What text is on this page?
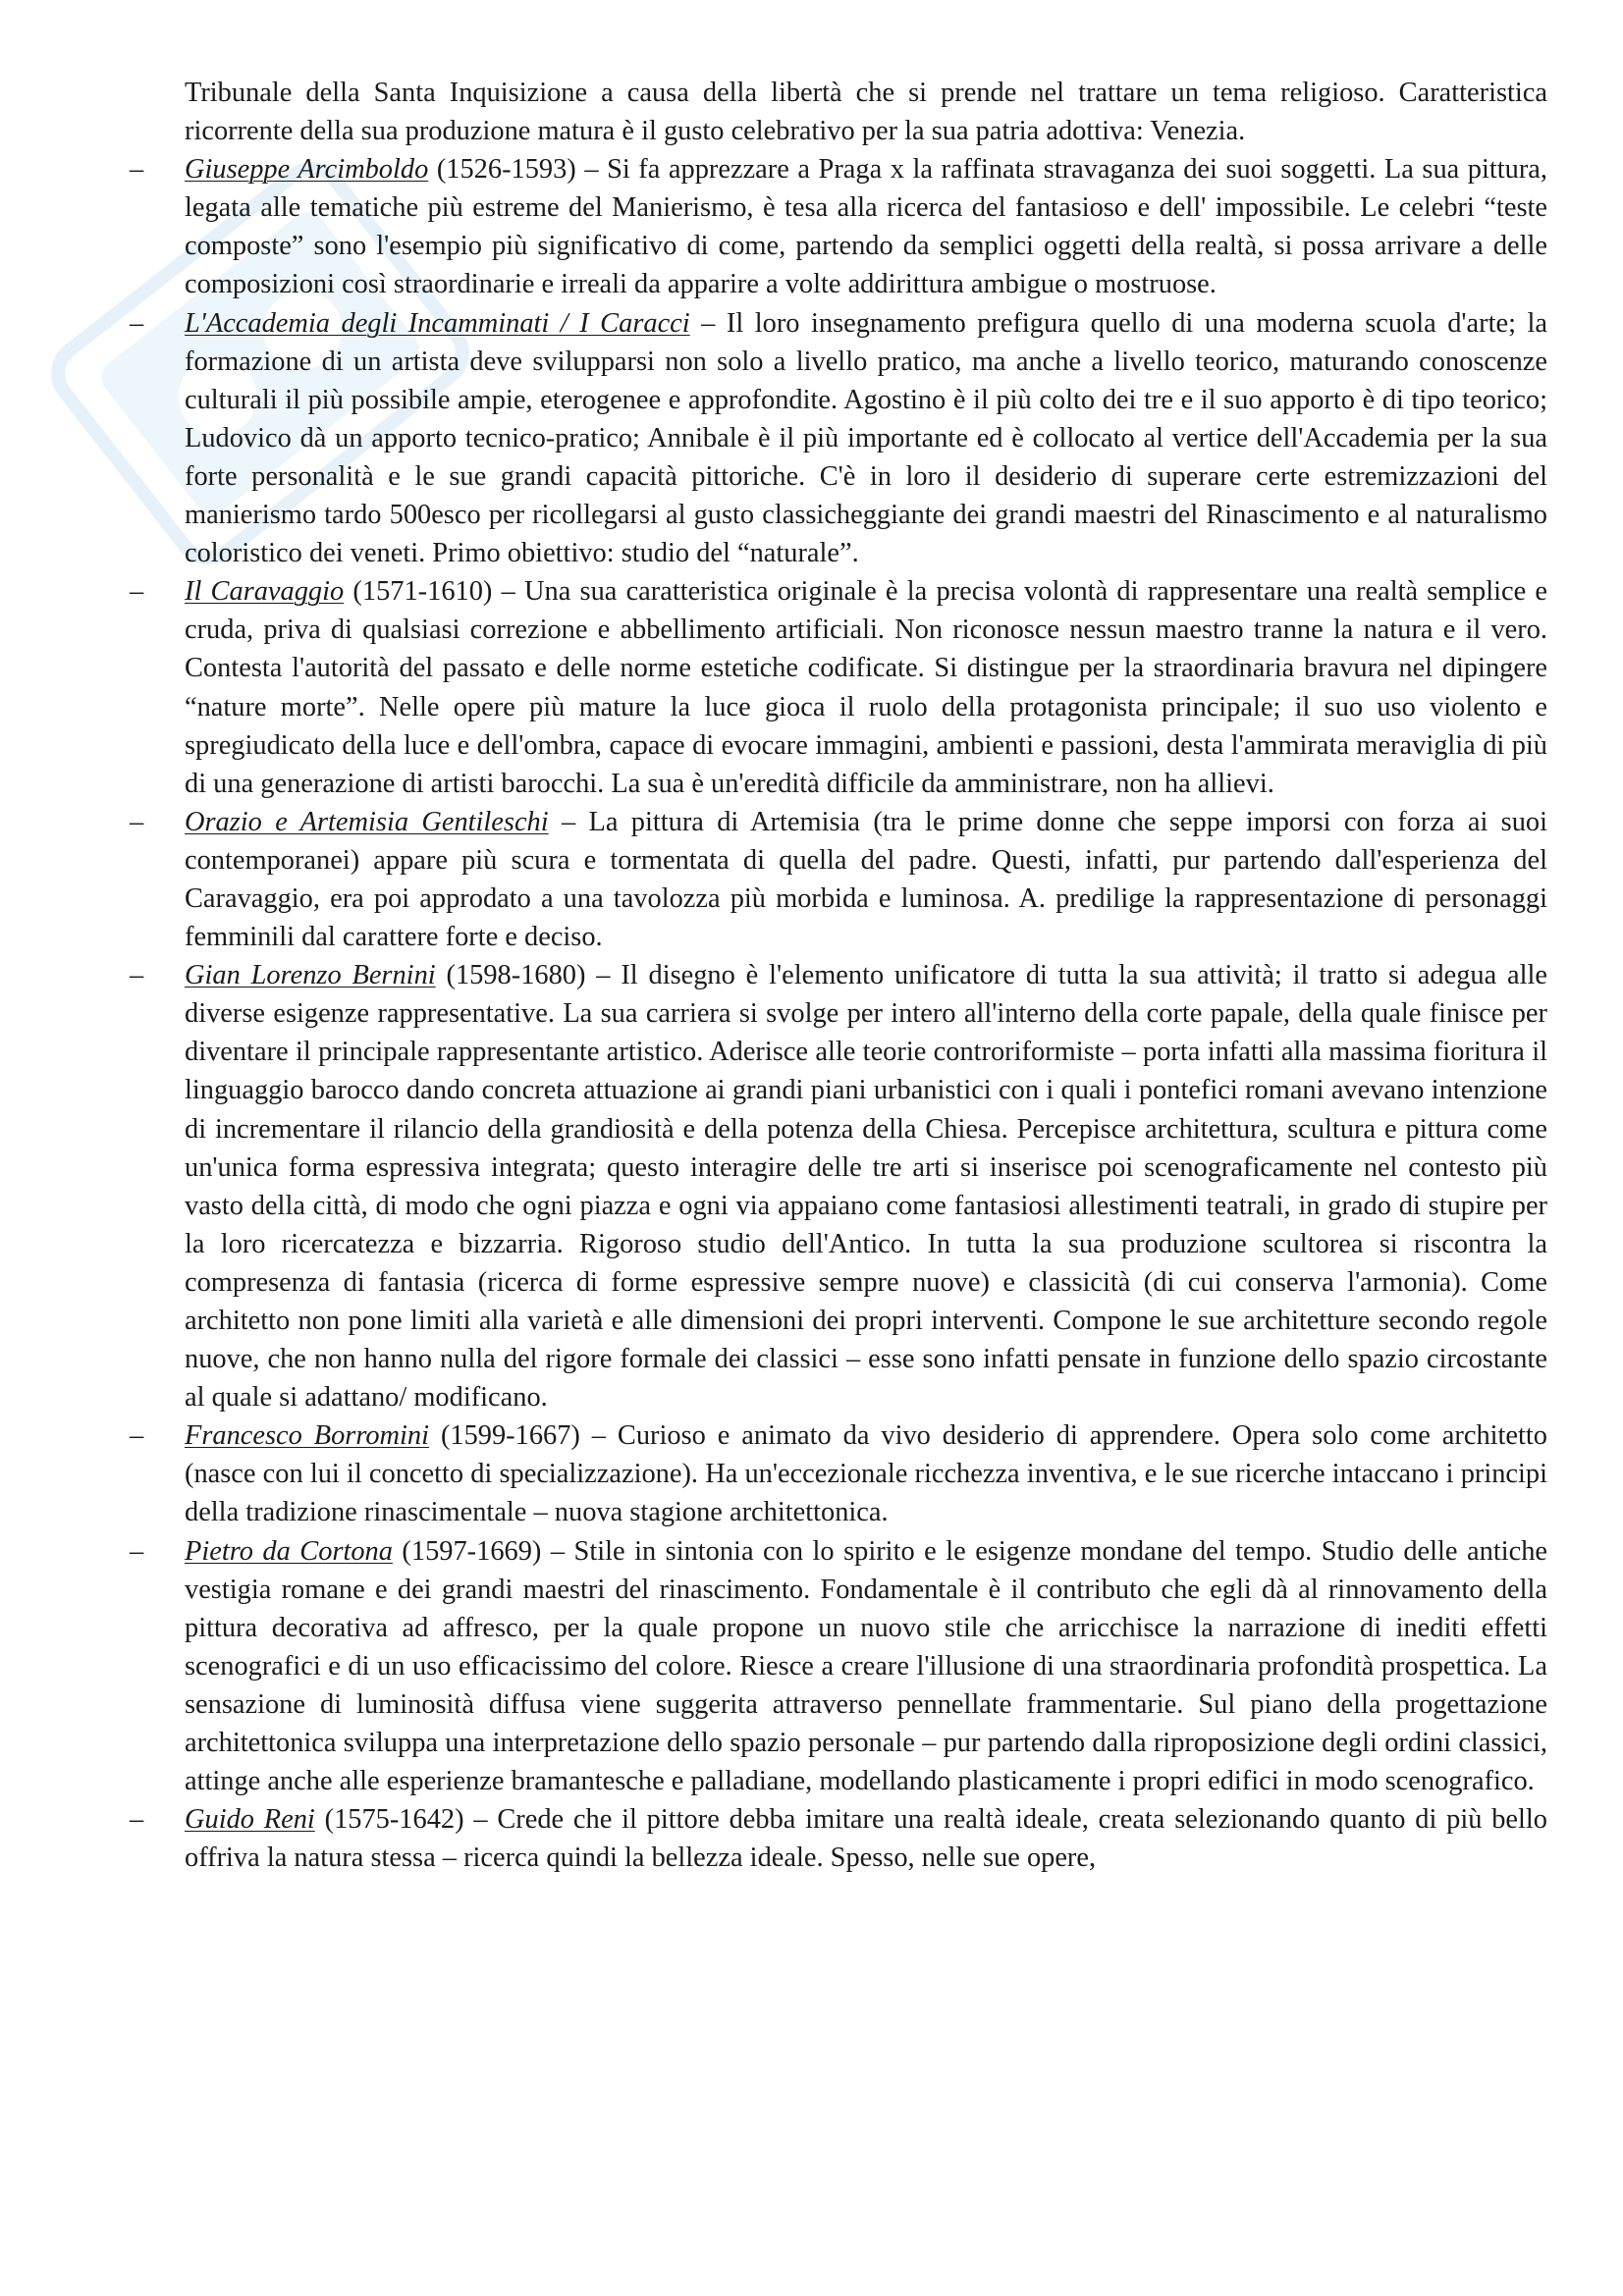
Tribunale della Santa Inquisizione a causa della libertà che si prende nel trattare un tema religioso. Caratteristica ricorrente della sua produzione matura è il gusto celebrativo per la sua patria adottiva: Venezia.

–	Giuseppe Arcimboldo (1526-1593) – Si fa apprezzare a Praga x la raffinata stravaganza dei suoi soggetti. La sua pittura, legata alle tematiche più estreme del Manierismo, è tesa alla ricerca del fantasioso e dell' impossibile. Le celebri “teste composte” sono l'esempio più significativo di come, partendo da semplici oggetti della realtà, si possa arrivare a delle composizioni così straordinarie e irreali da apparire a volte addirittura ambigue o mostruose.
–	L'Accademia degli Incamminati / I Caracci – Il loro insegnamento prefigura quello di una moderna scuola d'arte; la formazione di un artista deve svilupparsi non solo a livello pratico, ma anche a livello teorico, maturando conoscenze culturali il più possibile ampie, eterogenee e approfondite. Agostino è il più colto dei tre e il suo apporto è di tipo teorico; Ludovico dà un apporto tecnico-pratico; Annibale è il più importante ed è collocato al vertice dell'Accademia per la sua forte personalità e le sue grandi capacità pittoriche. C'è in loro il desiderio di superare certe estremizzazioni del manierismo tardo 500esco per ricollegarsi al gusto classicheggiante dei grandi maestri del Rinascimento e al naturalismo coloristico dei veneti. Primo obiettivo: studio del “naturale”.
–	Il Caravaggio (1571-1610) – Una sua caratteristica originale è la precisa volontà di rappresentare una realtà semplice e cruda, priva di qualsiasi correzione e abbellimento artificiali. Non riconosce nessun maestro tranne la natura e il vero. Contesta l'autorità del passato e delle norme estetiche codificate. Si distingue per la straordinaria bravura nel dipingere “nature morte”. Nelle opere più mature la luce gioca il ruolo della protagonista principale; il suo uso violento e spregiudicato della luce e dell'ombra, capace di evocare immagini, ambienti e passioni, desta l'ammirata meraviglia di più di una generazione di artisti barocchi. La sua è un'eredità difficile da amministrare, non ha allievi.
–	Orazio e Artemisia Gentileschi – La pittura di Artemisia (tra le prime donne che seppe imporsi con forza ai suoi contemporanei) appare più scura e tormentata di quella del padre. Questi, infatti, pur partendo dall'esperienza del Caravaggio, era poi approdato a una tavolozza più morbida e luminosa. A. predilige la rappresentazione di personaggi femminili dal carattere forte e deciso.
–	Gian Lorenzo Bernini (1598-1680) – Il disegno è l'elemento unificatore di tutta la sua attività; il tratto si adegua alle diverse esigenze rappresentative. La sua carriera si svolge per intero all'interno della corte papale, della quale finisce per diventare il principale rappresentante artistico. Aderisce alle teorie controriformiste – porta infatti alla massima fioritura il linguaggio barocco dando concreta attuazione ai grandi piani urbanistici con i quali i pontefici romani avevano intenzione di incrementare il rilancio della grandiosità e della potenza della Chiesa. Percepisce architettura, scultura e pittura come un'unica forma espressiva integrata; questo interagire delle tre arti si inserisce poi scenograficamente nel contesto più vasto della città, di modo che ogni piazza e ogni via appaiano come fantasiosi allestimenti teatrali, in grado di stupire per la loro ricercatezza e bizzarria. Rigoroso studio dell'Antico. In tutta la sua produzione scultorea si riscontra la compresenza di fantasia (ricerca di forme espressive sempre nuove) e classicità (di cui conserva l'armonia). Come architetto non pone limiti alla varietà e alle dimensioni dei propri interventi. Compone le sue architetture secondo regole nuove, che non hanno nulla del rigore formale dei classici – esse sono infatti pensate in funzione dello spazio circostante al quale si adattano/ modificano.
–	Francesco Borromini (1599-1667) – Curioso e animato da vivo desiderio di apprendere. Opera solo come architetto (nasce con lui il concetto di specializzazione). Ha un'eccezionale ricchezza inventiva, e le sue ricerche intaccano i principi della tradizione rinascimentale – nuova stagione architettonica.
–	Pietro da Cortona (1597-1669) – Stile in sintonia con lo spirito e le esigenze mondane del tempo. Studio delle antiche vestigia romane e dei grandi maestri del rinascimento. Fondamentale è il contributo che egli dà al rinnovamento della pittura decorativa ad affresco, per la quale propone un nuovo stile che arricchisce la narrazione di inediti effetti scenografici e di un uso efficacissimo del colore. Riesce a creare l'illusione di una straordinaria profondità prospettica. La sensazione di luminosità diffusa viene suggerita attraverso pennellate frammentarie. Sul piano della progettazione architettonica sviluppa una interpretazione dello spazio personale – pur partendo dalla riproposizione degli ordini classici, attinge anche alle esperienze bramantesche e palladiane, modellando plasticamente i propri edifici in modo scenografico.
–	Guido Reni (1575-1642) – Crede che il pittore debba imitare una realtà ideale, creata selezionando quanto di più bello offriva la natura stessa – ricerca quindi la bellezza ideale. Spesso, nelle sue opere,
